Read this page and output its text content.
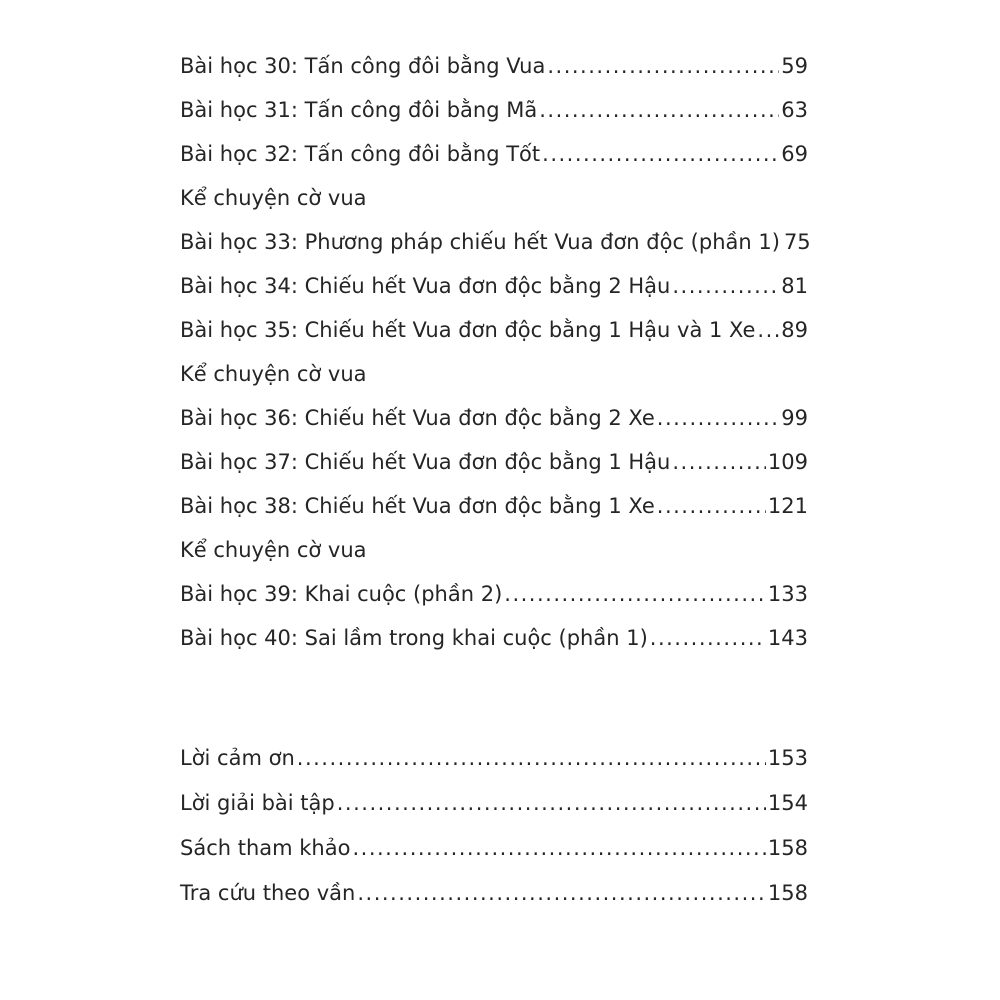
Bài học 30: Tấn công đôi bằng Vua .....	59
Bài học 31: Tấn công đôi bằng Mã .....	63
Bài học 32: Tấn công đôi bằng Tốt .....	69
Kể chuyện cờ vua
Bài học 33: Phương pháp chiếu hết Vua đơn độc (phần 1) 75
Bài học 34: Chiếu hết Vua đơn độc bằng 2 Hậu .....	81
Bài học 35: Chiếu hết Vua đơn độc bằng 1 Hậu và 1 Xe ..... 89
Kể chuyện cờ vua
Bài học 36: Chiếu hết Vua đơn độc bằng 2 Xe .....	99
Bài học 37: Chiếu hết Vua đơn độc bằng 1 Hậu .....	109
Bài học 38: Chiếu hết Vua đơn độc bằng 1 Xe .....	121
Kể chuyện cờ vua
Bài học 39: Khai cuộc (phần 2) .....	133
Bài học 40: Sai lầm trong khai cuộc (phần 1) .....	143
Lời cảm ơn .....	153
Lời giải bài tập .....	154
Sách tham khảo .....	158
Tra cứu theo vần .....	158
